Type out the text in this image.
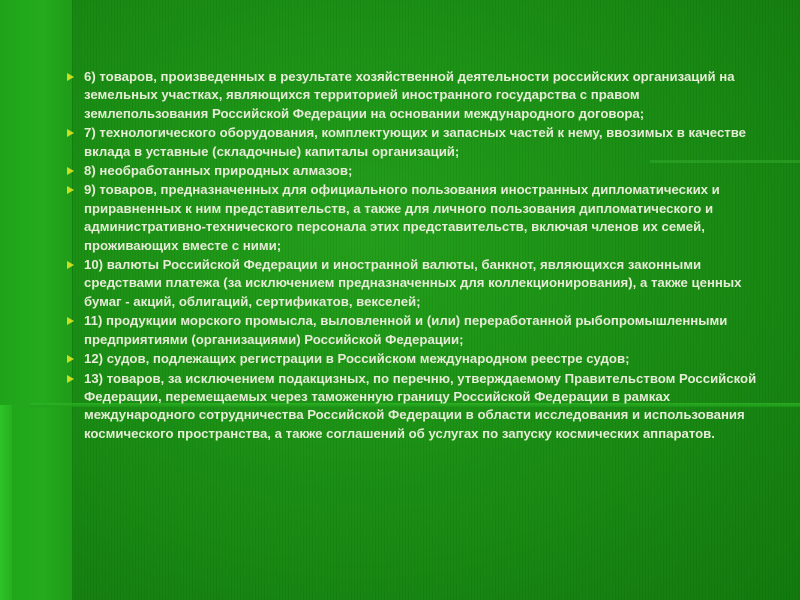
6) товаров, произведенных в результате хозяйственной деятельности российских организаций на земельных участках, являющихся территорией иностранного государства с правом землепользования Российской Федерации на основании международного договора;
7) технологического оборудования, комплектующих и запасных частей к нему, ввозимых в качестве вклада в уставные (складочные) капиталы организаций;
8) необработанных природных алмазов;
9) товаров, предназначенных для официального пользования иностранных дипломатических и приравненных к ним представительств, а также для личного пользования дипломатического и административно-технического персонала этих представительств, включая членов их семей, проживающих вместе с ними;
10) валюты Российской Федерации и иностранной валюты, банкнот, являющихся законными средствами платежа (за исключением предназначенных для коллекционирования), а также ценных бумаг - акций, облигаций, сертификатов, векселей;
11) продукции морского промысла, выловленной и (или) переработанной рыбопромышленными предприятиями (организациями) Российской Федерации;
12) судов, подлежащих регистрации в Российском международном реестре судов;
13) товаров, за исключением подакцизных, по перечню, утверждаемому Правительством Российской Федерации, перемещаемых через таможенную границу Российской Федерации в рамках международного сотрудничества Российской Федерации в области исследования и использования космического пространства, а также соглашений об услугах по запуску космических аппаратов.
